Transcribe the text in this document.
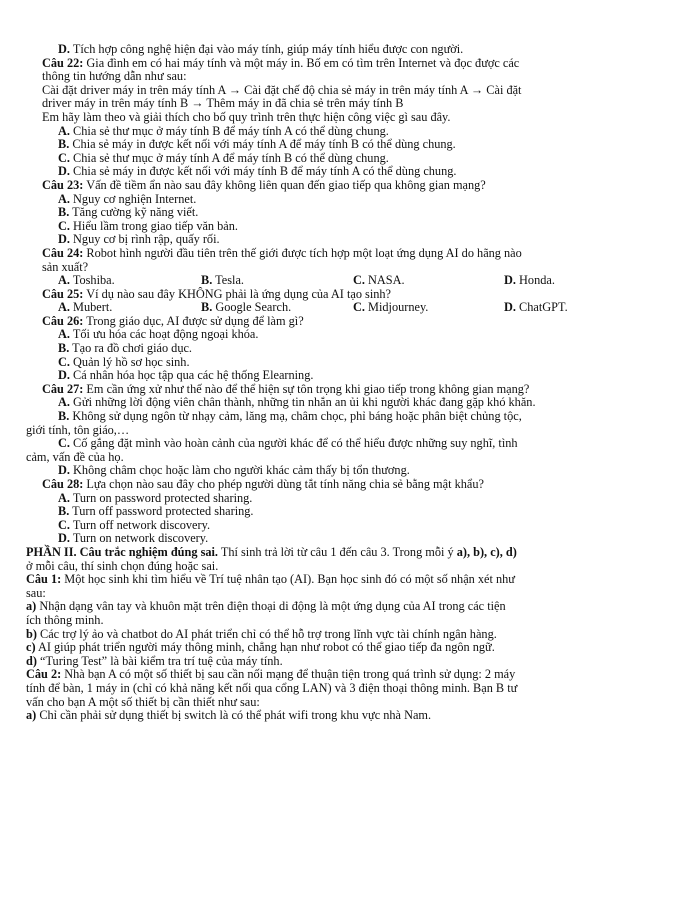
D. Tích hợp công nghệ hiện đại vào máy tính, giúp máy tính hiểu được con người.
Câu 22: Gia đình em có hai máy tính và một máy in. Bố em có tìm trên Internet và đọc được các
thông tin hướng dẫn như sau:
Cài đặt driver máy in trên máy tính A → Cài đặt chế độ chia sẻ máy in trên máy tính A → Cài đặt
driver máy in trên máy tính B → Thêm máy in đã chia sẻ trên máy tính B
Em hãy làm theo và giải thích cho bố quy trình trên thực hiện công việc gì sau đây.
A. Chia sẻ thư mục ở máy tính B để máy tính A có thể dùng chung.
B. Chia sẻ máy in được kết nối với máy tính A để máy tính B có thể dùng chung.
C. Chia sẻ thư mục ở máy tính A để máy tính B có thể dùng chung.
D. Chia sẻ máy in được kết nối với máy tính B để máy tính A có thể dùng chung.
Câu 23: Vấn đề tiềm ẩn nào sau đây không liên quan đến giao tiếp qua không gian mạng?
A. Nguy cơ nghiện Internet.
B. Tăng cường kỹ năng viết.
C. Hiểu lầm trong giao tiếp văn bản.
D. Nguy cơ bị rình rập, quấy rối.
Câu 24: Robot hình người đầu tiên trên thế giới được tích hợp một loạt ứng dụng AI do hãng nào
sản xuất?
A. Toshiba.	B. Tesla.	C. NASA.	D. Honda.
Câu 25: Ví dụ nào sau đây KHÔNG phải là ứng dụng của AI tạo sinh?
A. Mubert.	B. Google Search.	C. Midjourney.	D. ChatGPT.
Câu 26: Trong giáo dục, AI được sử dụng để làm gì?
A. Tối ưu hóa các hoạt động ngoại khóa.
B. Tạo ra đồ chơi giáo dục.
C. Quản lý hồ sơ học sinh.
D. Cá nhân hóa học tập qua các hệ thống Elearning.
Câu 27: Em cần ứng xử như thế nào để thể hiện sự tôn trọng khi giao tiếp trong không gian mạng?
A. Gửi những lời động viên chân thành, những tin nhắn an ủi khi người khác đang gặp khó khăn.
B. Không sử dụng ngôn từ nhạy cảm, lăng mạ, châm chọc, phỉ báng hoặc phân biệt chủng tộc,
giới tính, tôn giáo,…
C. Cố gắng đặt mình vào hoàn cảnh của người khác để có thể hiểu được những suy nghĩ, tình
cảm, vấn đề của họ.
D. Không châm chọc hoặc làm cho người khác cảm thấy bị tổn thương.
Câu 28: Lựa chọn nào sau đây cho phép người dùng tắt tính năng chia sẻ bằng mật khẩu?
A. Turn on password protected sharing.
B. Turn off password protected sharing.
C. Turn off network discovery.
D. Turn on network discovery.
PHẦN II. Câu trắc nghiệm đúng sai. Thí sinh trả lời từ câu 1 đến câu 3. Trong mỗi ý a), b), c), d)
ở mỗi câu, thí sinh chọn đúng hoặc sai.
Câu 1: Một học sinh khi tìm hiểu về Trí tuệ nhân tạo (AI). Bạn học sinh đó có một số nhận xét như
sau:
a) Nhận dạng vân tay và khuôn mặt trên điện thoại di động là một ứng dụng của AI trong các tiện
ích thông minh.
b) Các trợ lý ảo và chatbot do AI phát triển chỉ có thể hỗ trợ trong lĩnh vực tài chính ngân hàng.
c) AI giúp phát triển người máy thông minh, chẳng hạn như robot có thể giao tiếp đa ngôn ngữ.
d) “Turing Test” là bài kiểm tra trí tuệ của máy tính.
Câu 2: Nhà bạn A có một số thiết bị sau cần nối mạng để thuận tiện trong quá trình sử dụng: 2 máy
tính để bàn, 1 máy in (chỉ có khả năng kết nối qua cổng LAN) và 3 điện thoại thông minh. Bạn B tư
vấn cho bạn A một số thiết bị cần thiết như sau:
a) Chỉ cần phải sử dụng thiết bị switch là có thể phát wifi trong khu vực nhà Nam.
